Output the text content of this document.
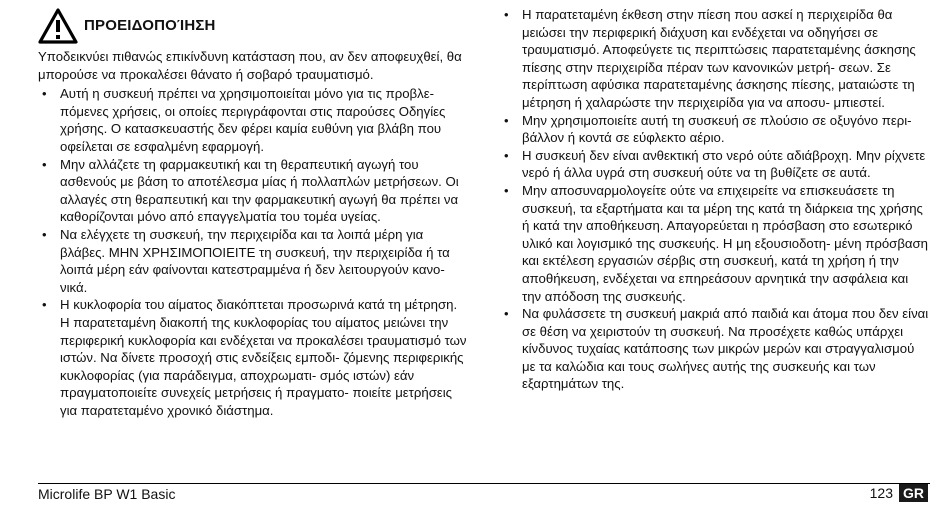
ΠΡΟΕΙΔΟΠΟΊΗΣΗ
Υποδεικνύει πιθανώς επικίνδυνη κατάσταση που, αν δεν αποφευχθεί, θα μπορούσε να προκαλέσει θάνατο ή σοβαρό τραυματισμό.
• Αυτή η συσκευή πρέπει να χρησιμοποιείται μόνο για τις προβλε- πόμενες χρήσεις, οι οποίες περιγράφονται στις παρούσες Οδηγίες χρήσης. Ο κατασκευαστής δεν φέρει καμία ευθύνη για βλάβη που οφείλεται σε εσφαλμένη εφαρμογή.
• Μην αλλάζετε τη φαρμακευτική και τη θεραπευτική αγωγή του ασθενούς με βάση το αποτέλεσμα μίας ή πολλαπλών μετρήσεων. Οι αλλαγές στη θεραπευτική και την φαρμακευτική αγωγή θα πρέπει να καθορίζονται μόνο από επαγγελματία του τομέα υγείας.
• Να ελέγχετε τη συσκευή, την περιχειρίδα και τα λοιπά μέρη για βλάβες. ΜΗΝ ΧΡΗΣΙΜΟΠΟΙΕΙΤΕ τη συσκευή, την περιχειρίδα ή τα λοιπά μέρη εάν φαίνονται κατεστραμμένα ή δεν λειτουργούν κανο- νικά.
• Η κυκλοφορία του αίματος διακόπτεται προσωρινά κατά τη μέτρηση. Η παρατεταμένη διακοπή της κυκλοφορίας του αίματος μειώνει την περιφερική κυκλοφορία και ενδέχεται να προκαλέσει τραυματισμό των ιστών. Να δίνετε προσοχή στις ενδείξεις εμποδι- ζόμενης περιφερικής κυκλοφορίας (για παράδειγμα, αποχρωματι- σμός ιστών) εάν πραγματοποιείτε συνεχείς μετρήσεις ή πραγματο- ποιείτε μετρήσεις για παρατεταμένο χρονικό διάστημα.
• Η παρατεταμένη έκθεση στην πίεση που ασκεί η περιχειρίδα θα μειώσει την περιφερική διάχυση και ενδέχεται να οδηγήσει σε τραυματισμό. Αποφεύγετε τις περιπτώσεις παρατεταμένης άσκησης πίεσης στην περιχειρίδα πέραν των κανονικών μετρή- σεων. Σε περίπτωση αφύσικα παρατεταμένης άσκησης πίεσης, ματαιώστε τη μέτρηση ή χαλαρώστε την περιχειρίδα για να αποσυ- μπιεστεί.
• Μην χρησιμοποιείτε αυτή τη συσκευή σε πλούσιο σε οξυγόνο περι- βάλλον ή κοντά σε εύφλεκτο αέριο.
• Η συσκευή δεν είναι ανθεκτική στο νερό ούτε αδιάβροχη. Μην ρίχνετε νερό ή άλλα υγρά στη συσκευή ούτε να τη βυθίζετε σε αυτά.
• Μην αποσυναρμολογείτε ούτε να επιχειρείτε να επισκευάσετε τη συσκευή, τα εξαρτήματα και τα μέρη της κατά τη διάρκεια της χρήσης ή κατά την αποθήκευση. Απαγορεύεται η πρόσβαση στο εσωτερικό υλικό και λογισμικό της συσκευής. Η μη εξουσιοδοτη- μένη πρόσβαση και εκτέλεση εργασιών σέρβις στη συσκευή, κατά τη χρήση ή την αποθήκευση, ενδέχεται να επηρεάσουν αρνητικά την ασφάλεια και την απόδοση της συσκευής.
• Να φυλάσσετε τη συσκευή μακριά από παιδιά και άτομα που δεν είναι σε θέση να χειριστούν τη συσκευή. Να προσέχετε καθώς υπάρχει κίνδυνος τυχαίας κατάποσης των μικρών μερών και στραγγαλισμού με τα καλώδια και τους σωλήνες αυτής της συσκευής και των εξαρτημάτων της.
Microlife BP W1 Basic	123 GR
